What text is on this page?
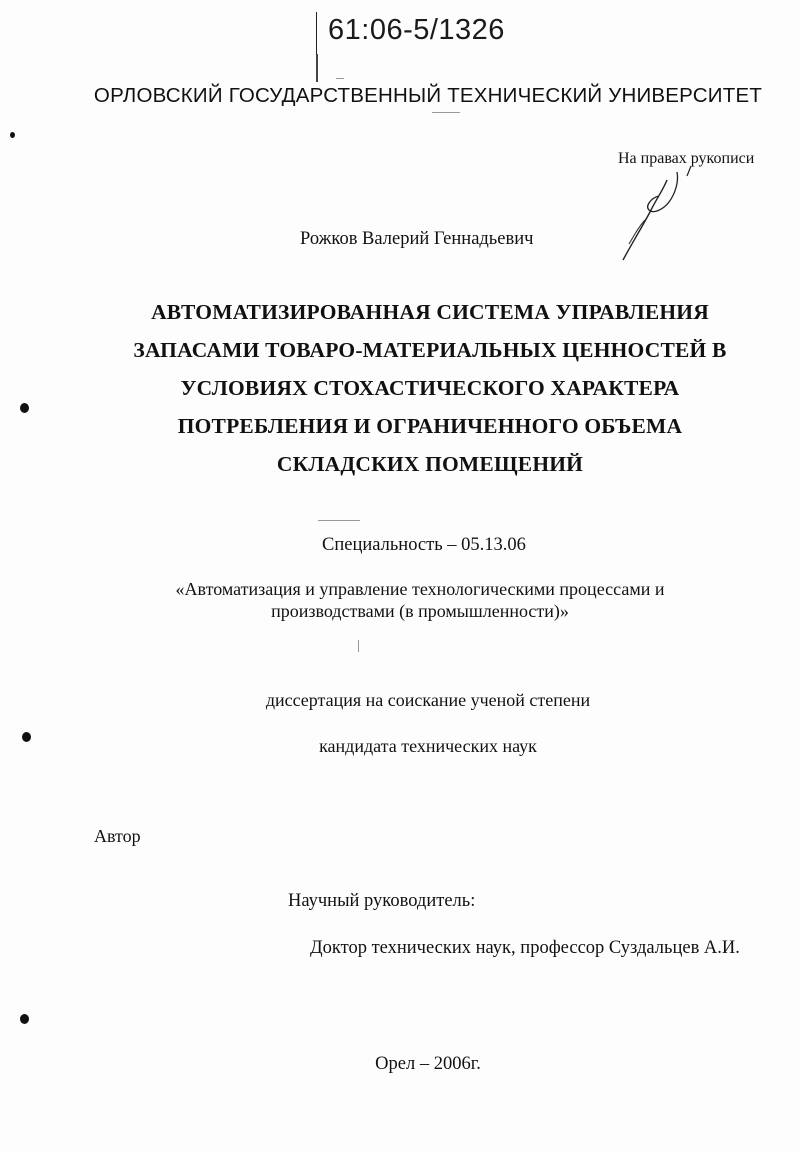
61:06-5/1326
ОРЛОВСКИЙ ГОСУДАРСТВЕННЫЙ ТЕХНИЧЕСКИЙ УНИВЕРСИТЕТ
На правах рукописи
Рожков Валерий Геннадьевич
АВТОМАТИЗИРОВАННАЯ СИСТЕМА УПРАВЛЕНИЯ
ЗАПАСАМИ ТОВАРО-МАТЕРИАЛЬНЫХ ЦЕННОСТЕЙ В
УСЛОВИЯХ СТОХАСТИЧЕСКОГО ХАРАКТЕРА
ПОТРЕБЛЕНИЯ И ОГРАНИЧЕННОГО ОБЪЕМА
СКЛАДСКИХ ПОМЕЩЕНИЙ
Специальность – 05.13.06
«Автоматизация и управление технологическими процессами и
производствами (в промышленности)»
диссертация на соискание ученой степени
кандидата технических наук
Автор
Научный руководитель:
Доктор технических наук, профессор Суздальцев А.И.
Орел – 2006г.
